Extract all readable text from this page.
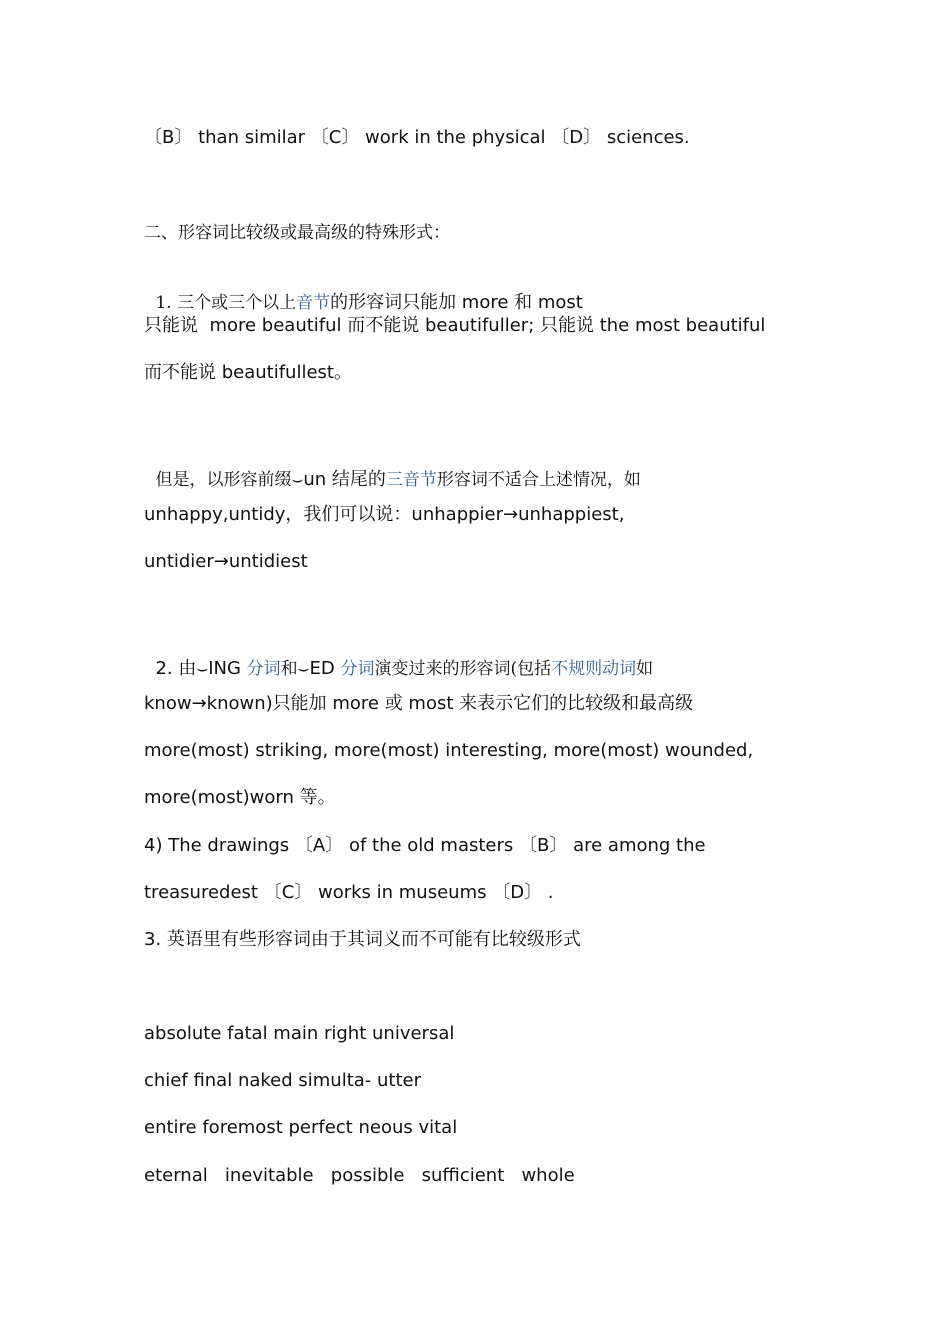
〔B〕 than similar 〔C〕 work in the physical 〔D〕 sciences.
二、形容词比较级或最高级的特殊形式：

1. 三个或三个以上音节的形容词只能加 more 和 most

只能说  more beautiful 而不能说 beautifuller; 只能说 the most beautiful
而不能说 beautifullest。

但是，以形容前缀⌣un 结尾的三音节形容词不适合上述情况，如

unhappy,untidy，我们可以说：unhappier→unhappiest,
untidier→untidiest

2. 由⌣ING 分词和⌣ED 分词演变过来的形容词(包括不规则动词如

know→known)只能加 more 或 most 来表示它们的比较级和最高级
more(most) striking, more(most) interesting, more(most) wounded,
more(most)worn 等。
4) The drawings 〔A〕 of the old masters 〔B〕 are among the
treasuredest 〔C〕 works in museums 〔D〕 .
3. 英语里有些形容词由于其词义而不可能有比较级形式
absolute fatal main right universal
chief final naked simulta- utter
entire foremost perfect neous vital
eternal   inevitable   possible   sufficient   whole
